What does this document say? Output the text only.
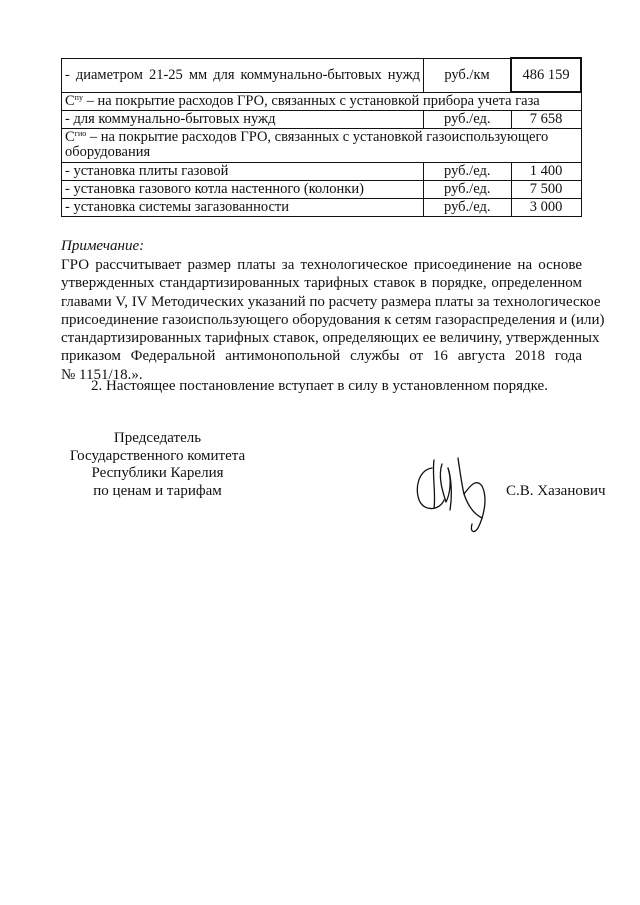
- диаметром 21-25 мм для коммунально-бытовых нужд	руб./км	486 159
$С^{пу}$ – на покрытие расходов ГРО, связанных с установкой прибора учета газа		
- для коммунально-бытовых нужд	руб./ед.	7 658
$С^{гио}$ – на покрытие расходов ГРО, связанных с установкой газоиспользующего оборудования		
- установка плиты газовой	руб./ед.	1 400
- установка газового котла настенного (колонки)	руб./ед.	7 500
- установка системы загазованности	руб./ед.	3 000
Примечание:
ГРО рассчитывает размер платы за технологическое присоединение на основе
утвержденных стандартизированных тарифных ставок в порядке, определенном
главами V, IV Методических указаний по расчету размера платы за технологическое
присоединение газоиспользующего оборудования к сетям газораспределения и (или)
стандартизированных тарифных ставок, определяющих ее величину, утвержденных
приказом Федеральной антимонопольной службы от 16 августа 2018 года
№ 1151/18.».
2. Настоящее постановление вступает в силу в установленном порядке.
Председатель
Государственного комитета
Республики Карелия
по ценам и тарифам	С.В. Хазанович
